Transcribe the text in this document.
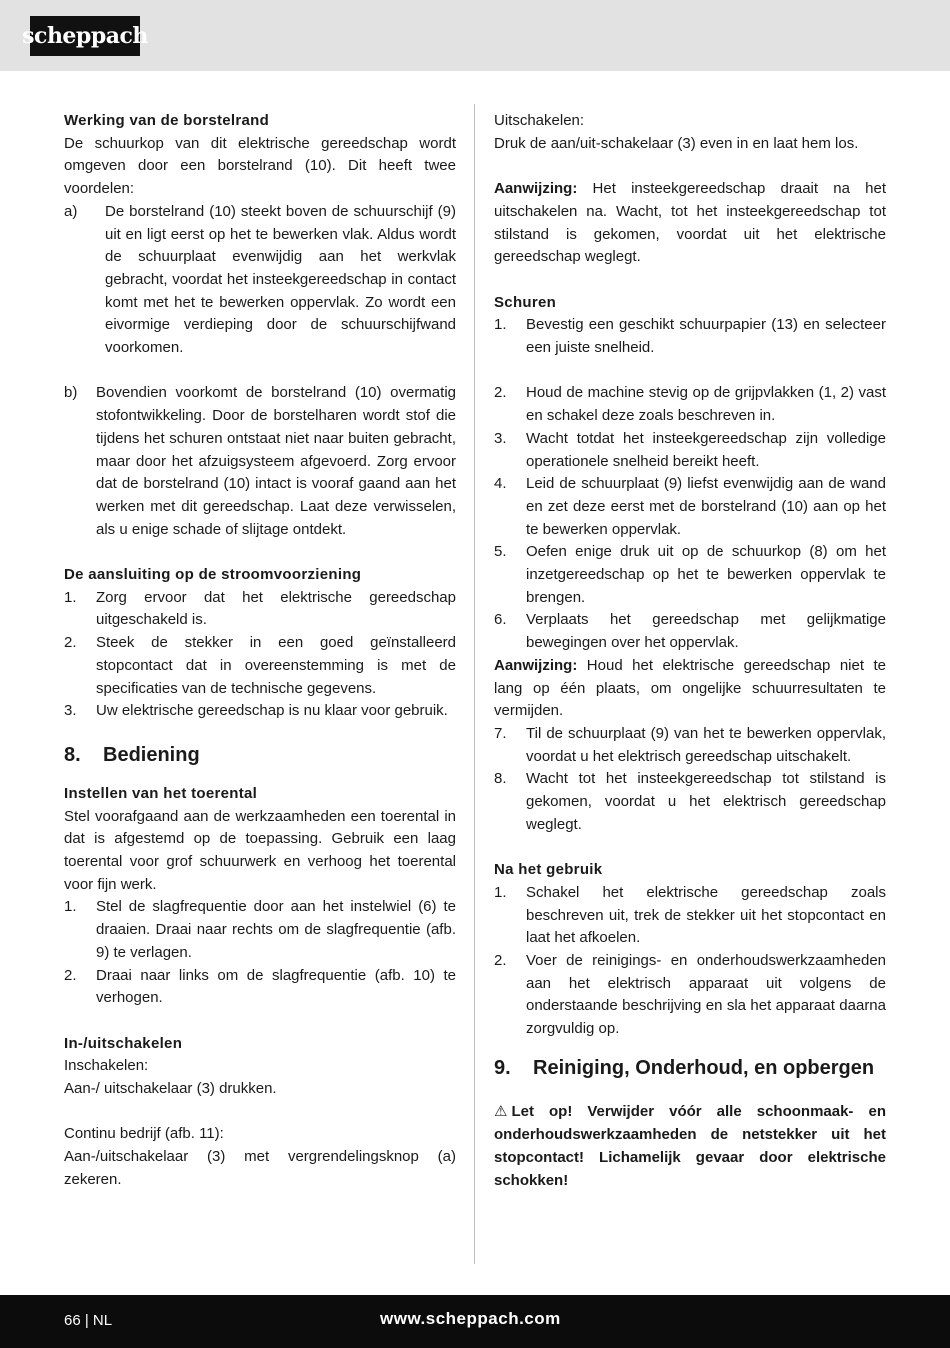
scheppach

Werking van de borstelrand

De schuurkop van dit elektrische gereedschap wordt omgeven door een borstelrand (10). Dit heeft twee voordelen:

a)	De borstelrand (10) steekt boven de schuurschijf (9) uit en ligt eerst op het te bewerken vlak. Aldus wordt de schuurplaat evenwijdig aan het werkvlak gebracht, voordat het insteekgereedschap in contact komt met het te bewerken oppervlak. Zo wordt een eivormige verdieping door de schuurschijfwand voorkomen.
b)	Bovendien voorkomt de borstelrand (10) overmatig stofontwikkeling. Door de borstelharen wordt stof die tijdens het schuren ontstaat niet naar buiten gebracht, maar door het afzuigsysteem afgevoerd. Zorg ervoor dat de borstelrand (10) intact is vooraf gaand aan het werken met dit gereedschap. Laat deze verwisselen, als u enige schade of slijtage ontdekt.

De aansluiting op de stroomvoorziening

1.	Zorg ervoor dat het elektrische gereedschap uitgeschakeld is.
2.	Steek de stekker in een goed geïnstalleerd stopcontact dat in overeenstemming is met de specificaties van de technische gegevens.
3.	Uw elektrische gereedschap is nu klaar voor gebruik.
8.	Bediening

Instellen van het toerental

Stel voorafgaand aan de werkzaamheden een toerental in dat is afgestemd op de toepassing. Gebruik een laag toerental voor grof schuurwerk en verhoog het toerental voor fijn werk.

1.	Stel de slagfrequentie door aan het instelwiel (6) te draaien. Draai naar rechts om de slagfrequentie (afb. 9) te verlagen.
2.	Draai naar links om de slagfrequentie (afb. 10) te verhogen.

In-/uitschakelen

Inschakelen:

Aan-/ uitschakelaar (3) drukken.

Continu bedrijf (afb. 11):

Aan-/uitschakelaar (3) met vergrendelingsknop (a) zekeren.

Uitschakelen:

Druk de aan/uit-schakelaar (3) even in en laat hem los.

Aanwijzing: Het insteekgereedschap draait na het uitschakelen na. Wacht, tot het insteekgereedschap tot stilstand is gekomen, voordat uit het elektrische gereedschap weglegt.

Schuren

1.	Bevestig een geschikt schuurpapier (13) en selecteer een juiste snelheid.
2.	Houd de machine stevig op de grijpvlakken (1, 2) vast en schakel deze zoals beschreven in.
3.	Wacht totdat het insteekgereedschap zijn volledige operationele snelheid bereikt heeft.
4.	Leid de schuurplaat (9) liefst evenwijdig aan de wand en zet deze eerst met de borstelrand (10) aan op het te bewerken oppervlak.
5.	Oefen enige druk uit op de schuurkop (8) om het inzetgereedschap op het te bewerken oppervlak te brengen.
6.	Verplaats het gereedschap met gelijkmatige bewegingen over het oppervlak.

Aanwijzing: Houd het elektrische gereedschap niet te lang op één plaats, om ongelijke schuurresultaten te vermijden.

7.	Til de schuurplaat (9) van het te bewerken oppervlak, voordat u het elektrisch gereedschap uitschakelt.
8.	Wacht tot het insteekgereedschap tot stilstand is gekomen, voordat u het elektrisch gereedschap weglegt.

Na het gebruik

1.	Schakel het elektrische gereedschap zoals beschreven uit, trek de stekker uit het stopcontact en laat het afkoelen.
2.	Voer de reinigings- en onderhoudswerkzaamheden aan het elektrisch apparaat uit volgens de onderstaande beschrijving en sla het apparaat daarna zorgvuldig op.
9.	Reiniging, Onderhoud, en opbergen

⚠ Let op! Verwijder vóór alle schoonmaak- en onderhoudswerkzaamheden de netstekker uit het stopcontact! Lichamelijk gevaar door elektrische schokken!

66 | NL	www.scheppach.com
